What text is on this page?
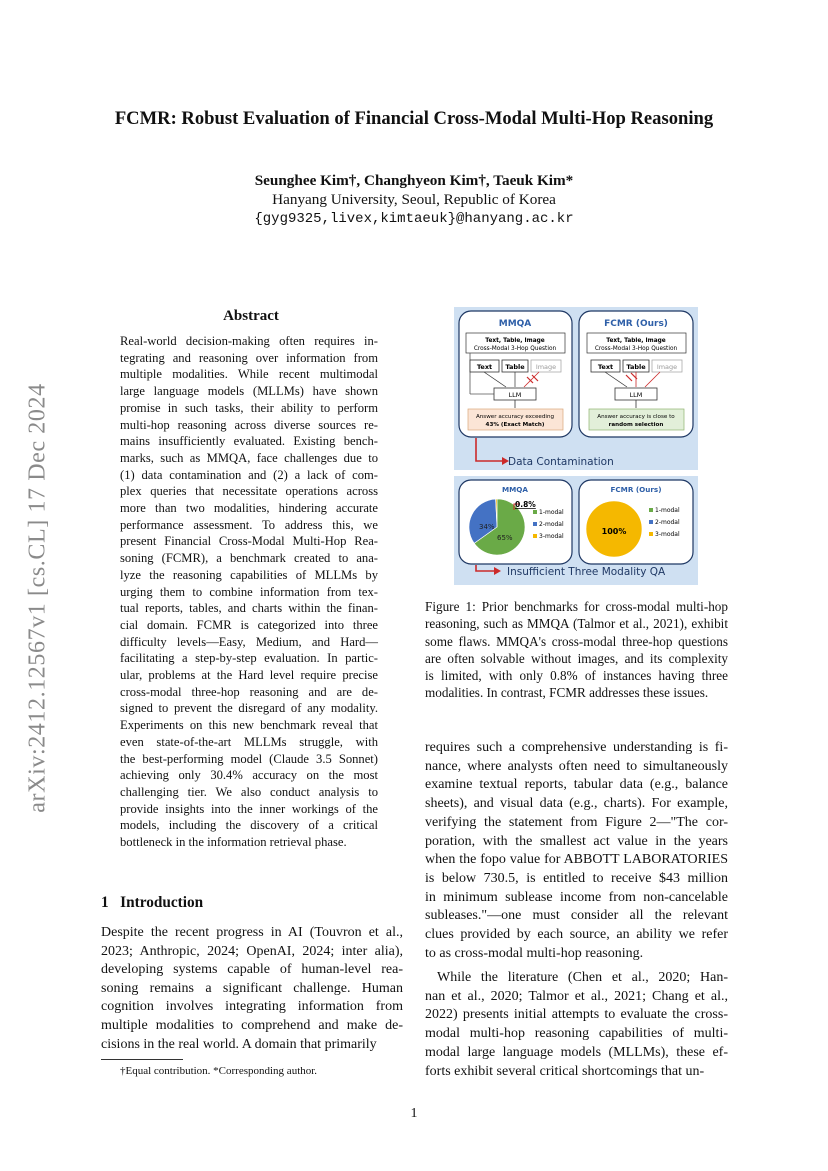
FCMR: Robust Evaluation of Financial Cross-Modal Multi-Hop Reasoning
Seunghee Kim†, Changhyeon Kim†, Taeuk Kim*
Hanyang University, Seoul, Republic of Korea
{gyg9325,livex,kimtaeuk}@hanyang.ac.kr
arXiv:2412.12567v1 [cs.CL] 17 Dec 2024
Abstract

Real-world decision-making often requires in-

tegrating and reasoning over information from

multiple modalities. While recent multimodal

large language models (MLLMs) have shown

promise in such tasks, their ability to perform

multi-hop reasoning across diverse sources re-

mains insufficiently evaluated. Existing bench-

marks, such as MMQA, face challenges due to

(1) data contamination and (2) a lack of com-

plex queries that necessitate operations across

more than two modalities, hindering accurate

performance assessment. To address this, we

present Financial Cross-Modal Multi-Hop Rea-

soning (FCMR), a benchmark created to ana-

lyze the reasoning capabilities of MLLMs by

urging them to combine information from tex-

tual reports, tables, and charts within the finan-

cial domain. FCMR is categorized into three

difficulty levels—Easy, Medium, and Hard—

facilitating a step-by-step evaluation. In partic-

ular, problems at the Hard level require precise

cross-modal three-hop reasoning and are de-

signed to prevent the disregard of any modality.

Experiments on this new benchmark reveal that

even state-of-the-art MLLMs struggle, with

the best-performing model (Claude 3.5 Sonnet)

achieving only 30.4% accuracy on the most

challenging tier. We also conduct analysis to

provide insights into the inner workings of the

models, including the discovery of a critical

bottleneck in the information retrieval phase.

1 Introduction

Despite the recent progress in AI (Touvron et al.,

2023; Anthropic, 2024; OpenAI, 2024; inter alia),

developing systems capable of human-level rea-

soning remains a significant challenge. Human

cognition involves integrating information from

multiple modalities to comprehend and make de-

cisions in the real world. A domain that primarily

†Equal contribution. *Corresponding author.
MMQA	FCMR (Ours)
Text, Table, Image
Cross-Modal 3-Hop Question
Text, Table, Image
Cross-Modal 3-Hop Question
Text Table Image
LLM
Answer accuracy exceeding
43% (Exact Match)
Text Table Image
LLM
Answer accuracy is close to
random selection
Data Contamination
MMQA	FCMR (Ours)
0.8%
34%
65%
100%
1-modal
2-modal
3-modal
1-modal
2-modal
3-modal
Insufficient Three Modality QA

Figure 1: Prior benchmarks for cross-modal multi-hop

reasoning, such as MMQA (Talmor et al., 2021), exhibit

some flaws. MMQA's cross-modal three-hop questions

are often solvable without images, and its complexity

is limited, with only 0.8% of instances having three

modalities. In contrast, FCMR addresses these issues.

requires such a comprehensive understanding is fi-

nance, where analysts often need to simultaneously

examine textual reports, tabular data (e.g., balance

sheets), and visual data (e.g., charts). For example,

verifying the statement from Figure 2—"The cor-

poration, with the smallest act value in the years

when the fopo value for ABBOTT LABORATORIES

is below 730.5, is entitled to receive $43 million

in minimum sublease income from non-cancelable

subleases."—one must consider all the relevant

clues provided by each source, an ability we refer

to as cross-modal multi-hop reasoning.

While the literature (Chen et al., 2020; Han-

nan et al., 2020; Talmor et al., 2021; Chang et al.,

2022) presents initial attempts to evaluate the cross-

modal multi-hop reasoning capabilities of multi-

modal large language models (MLLMs), these ef-

forts exhibit several critical shortcomings that un-

1
